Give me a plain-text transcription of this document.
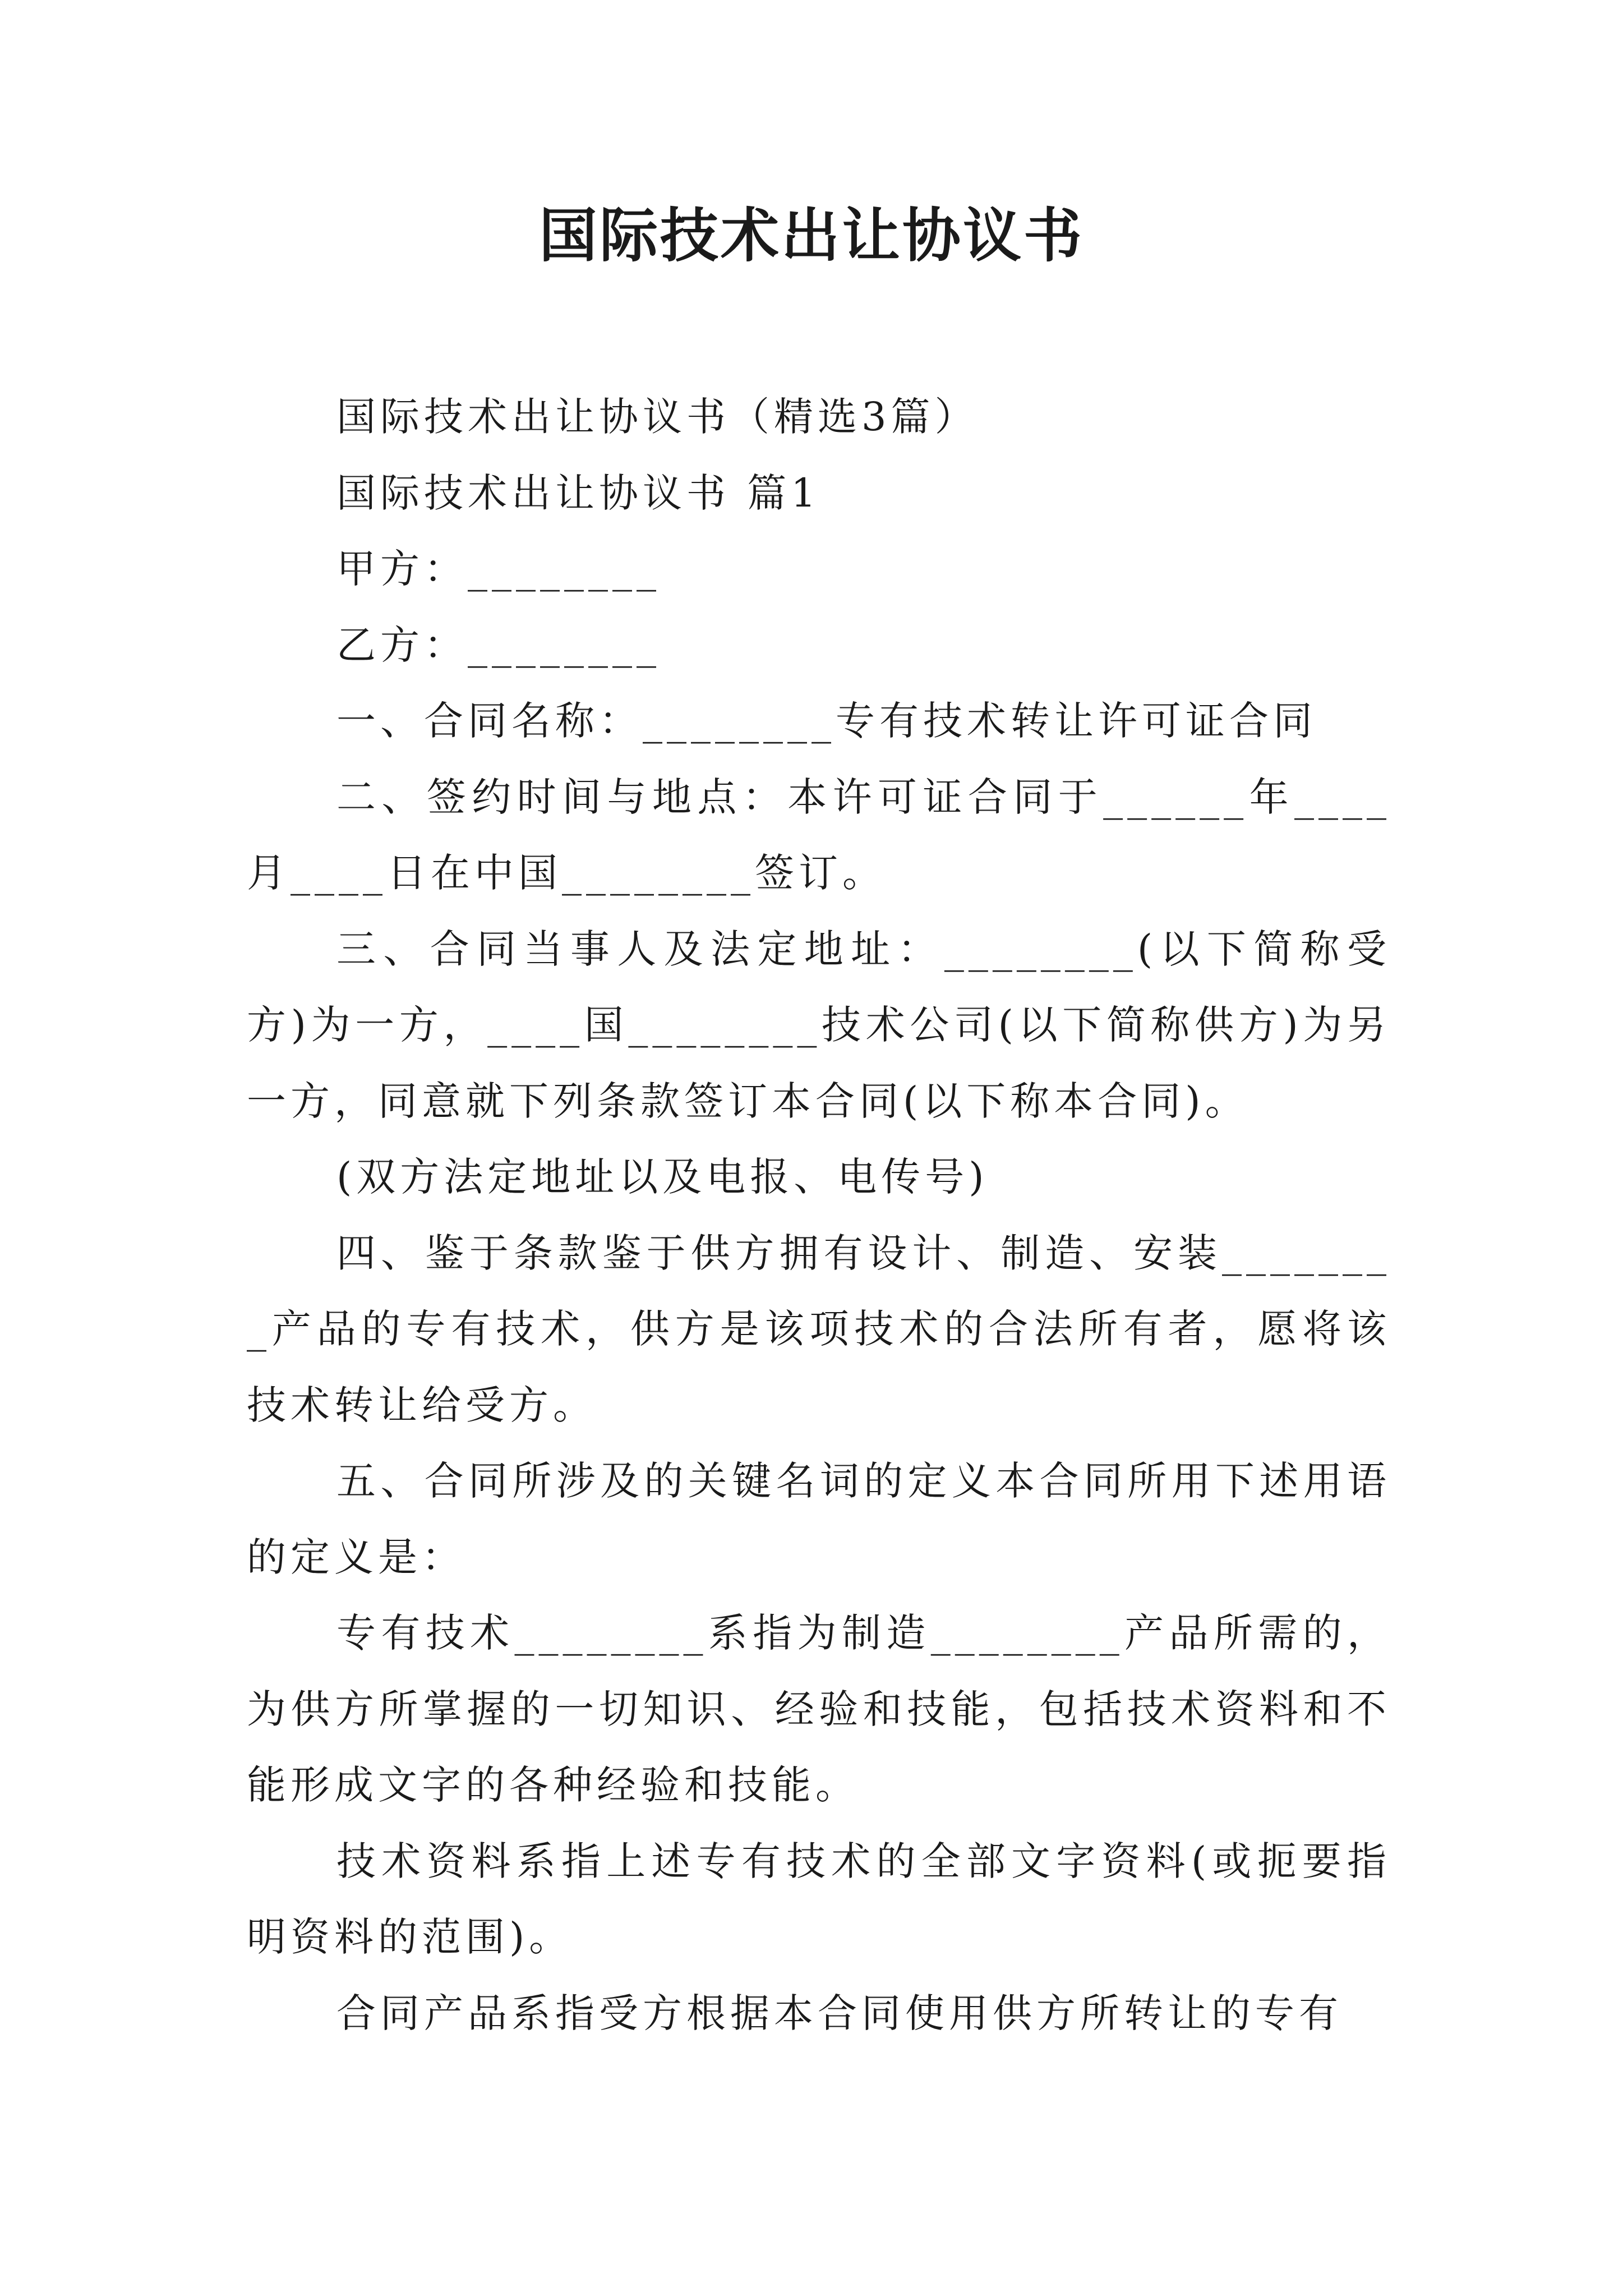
国际技术出让协议书

国际技术出让协议书（精选3篇）

国际技术出让协议书 篇1

甲方：________

乙方：________

一、合同名称：________专有技术转让许可证合同

二、签约时间与地点：本许可证合同于______年____月____日在中国________签订。

三、合同当事人及法定地址：________(以下简称受方)为一方，____国________技术公司(以下简称供方)为另一方，同意就下列条款签订本合同(以下称本合同)。

(双方法定地址以及电报、电传号)

四、鉴于条款鉴于供方拥有设计、制造、安装________产品的专有技术，供方是该项技术的合法所有者，愿将该技术转让给受方。

五、合同所涉及的关键名词的定义本合同所用下述用语的定义是：

专有技术________系指为制造________产品所需的，为供方所掌握的一切知识、经验和技能，包括技术资料和不能形成文字的各种经验和技能。

技术资料系指上述专有技术的全部文字资料(或扼要指明资料的范围)。

合同产品系指受方根据本合同使用供方所转让的专有
